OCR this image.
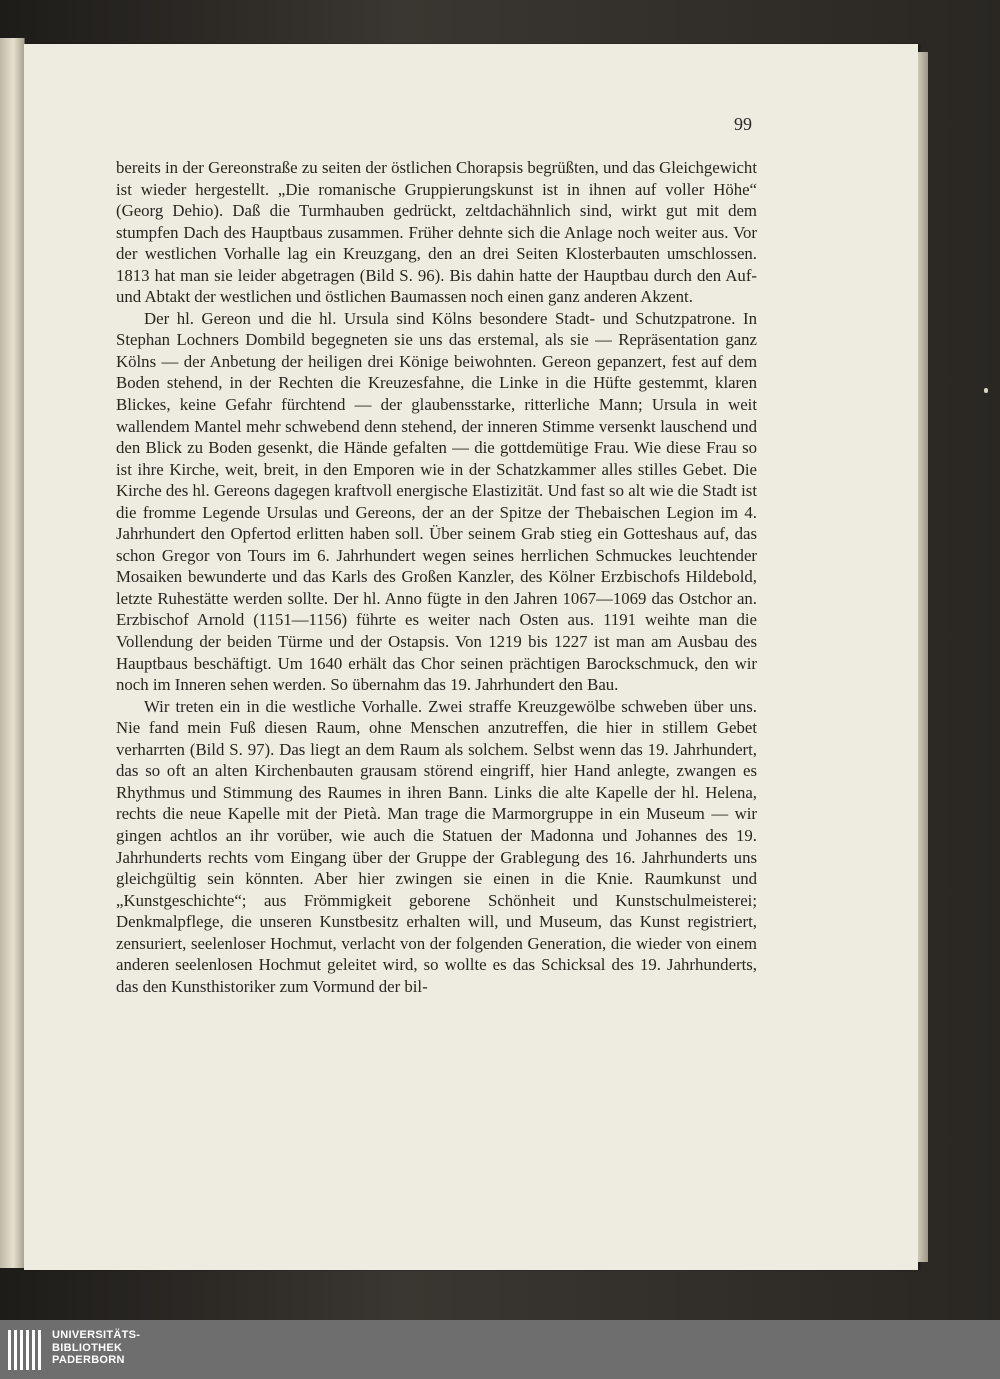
99

bereits in der Gereonstraße zu seiten der östlichen Chorapsis begrüßten, und das Gleichgewicht ist wieder hergestellt. „Die romanische Gruppierungskunst ist in ihnen auf voller Höhe“ (Georg Dehio). Daß die Turmhauben gedrückt, zeltdachähnlich sind, wirkt gut mit dem stumpfen Dach des Hauptbaus zusammen. Früher dehnte sich die Anlage noch weiter aus. Vor der westlichen Vorhalle lag ein Kreuzgang, den an drei Seiten Klosterbauten umschlossen. 1813 hat man sie leider abgetragen (Bild S. 96). Bis dahin hatte der Hauptbau durch den Auf- und Abtakt der westlichen und östlichen Baumassen noch einen ganz anderen Akzent.

Der hl. Gereon und die hl. Ursula sind Kölns besondere Stadt- und Schutzpatrone. In Stephan Lochners Dombild begegneten sie uns das erstemal, als sie — Repräsentation ganz Kölns — der Anbetung der heiligen drei Könige beiwohnten. Gereon gepanzert, fest auf dem Boden stehend, in der Rechten die Kreuzesfahne, die Linke in die Hüfte gestemmt, klaren Blickes, keine Gefahr fürchtend — der glaubensstarke, ritterliche Mann; Ursula in weit wallendem Mantel mehr schwebend denn stehend, der inneren Stimme versenkt lauschend und den Blick zu Boden gesenkt, die Hände gefalten — die gottdemütige Frau. Wie diese Frau so ist ihre Kirche, weit, breit, in den Emporen wie in der Schatzkammer alles stilles Gebet. Die Kirche des hl. Gereons dagegen kraftvoll energische Elastizität. Und fast so alt wie die Stadt ist die fromme Legende Ursulas und Gereons, der an der Spitze der Thebaischen Legion im 4. Jahrhundert den Opfertod erlitten haben soll. Über seinem Grab stieg ein Gotteshaus auf, das schon Gregor von Tours im 6. Jahrhundert wegen seines herrlichen Schmuckes leuchtender Mosaiken bewunderte und das Karls des Großen Kanzler, des Kölner Erzbischofs Hildebold, letzte Ruhestätte werden sollte. Der hl. Anno fügte in den Jahren 1067—1069 das Ostchor an. Erzbischof Arnold (1151—1156) führte es weiter nach Osten aus. 1191 weihte man die Vollendung der beiden Türme und der Ostapsis. Von 1219 bis 1227 ist man am Ausbau des Hauptbaus beschäftigt. Um 1640 erhält das Chor seinen prächtigen Barockschmuck, den wir noch im Inneren sehen werden. So übernahm das 19. Jahrhundert den Bau.

Wir treten ein in die westliche Vorhalle. Zwei straffe Kreuzgewölbe schweben über uns. Nie fand mein Fuß diesen Raum, ohne Menschen anzutreffen, die hier in stillem Gebet verharrten (Bild S. 97). Das liegt an dem Raum als solchem. Selbst wenn das 19. Jahrhundert, das so oft an alten Kirchenbauten grausam störend eingriff, hier Hand anlegte, zwangen es Rhythmus und Stimmung des Raumes in ihren Bann. Links die alte Kapelle der hl. Helena, rechts die neue Kapelle mit der Pietà. Man trage die Marmorgruppe in ein Museum — wir gingen achtlos an ihr vorüber, wie auch die Statuen der Madonna und Johannes des 19. Jahrhunderts rechts vom Eingang über der Gruppe der Grablegung des 16. Jahrhunderts uns gleichgültig sein könnten. Aber hier zwingen sie einen in die Knie. Raumkunst und „Kunstgeschichte“; aus Frömmigkeit geborene Schönheit und Kunstschulmeisterei; Denkmalpflege, die unseren Kunstbesitz erhalten will, und Museum, das Kunst registriert, zensuriert, seelenloser Hochmut, verlacht von der folgenden Generation, die wieder von einem anderen seelenlosen Hochmut geleitet wird, so wollte es das Schicksal des 19. Jahrhunderts, das den Kunsthistoriker zum Vormund der bil-

UNIVERSITÄTS-
BIBLIOTHEK
PADERBORN
